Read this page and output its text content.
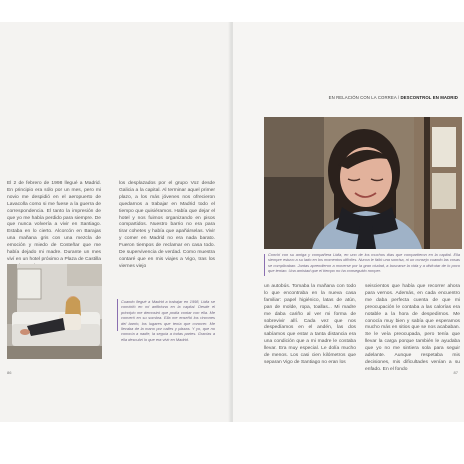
El 2 de febrero de 1998 llegué a Madrid. En principio era sólo por un mes, pero mi novio me despidió en el aeropuerto de Lavacolla como si me fuese a la guerra de correspondencia. El tanto la impresión de que yo me había perdido para siempre. De que nunca volvería a vivir en Santiago. Estaba en lo cierto. Alcorcón en Barajas una mañana gris con una mezcla de emoción y miedo de Costeñar que me había dejado mi madre. Durante un mes viví en un hotel próximo a Plaza de Castilla

los desplazados por el grupo Voz desde Galicia a la capital. Al terminar aquel primer plazo, a los más jóvenes nos ofrecieron quedarnos a trabajar en Madrid todo el tiempo que quisiéramos. Había que dejar el hotel y nos fuimos organizando en pisos compartidos. Nuestro barrio no era para tirar cohetes y había que apañárselas. Vivir y comer en Madrid no era nada barato. Fueron tiempos de reclamar en casa todo. De supervivencia de verdad. Como muestra contaré que en mis viajes a Vigo, tras los viernes viejo

Cuando llegué a Madrid a trabajar en 1998, Lidia se convirtió en mi anfitriona en la capital. Desde el principio me demostró que podía contar con ella. Me convertí en su sombra. Ella me enseñó los rincones del barrio, los lugares que tenía que conocer. Me llevaba de la mano por calles y plazas. Y yo, que no conocía a nadie, la seguía a todas partes. Gracias a ella descubrí lo que era vivir en Madrid.

86
EN RELACIÓN CON LA CORREA / DESCONTROL EN MADRID

Conchi con su amiga y compañera Lidia, en uno de los muchos días que compartieron en la capital. Ella siempre estuvo a su lado en los momentos difíciles. Nunca le faltó una sonrisa, ni un consejo cuando las cosas se complicaban. Juntas aprendieron a moverse por la gran ciudad, a buscarse la vida y a disfrutar de lo poco que tenían. Una amistad que el tiempo no ha conseguido romper.

un autobús. Tomaba la mañana con todo lo que encontraba en la nueva casa familiar: papel higiénico, latas de atún, pan de molde, ropa, toallas... Mi madre me daba cariño al ver mi forma de sobrevivir allí. Cada vez que nos despedíamos en el andén, las dos sabíamos que estar a tanta distancia era una condición que a mi madre le costaba llevar. Era muy especial. Le dolía mucho de menos. Los casi cien kilómetros que separan Vigo de Santiago no eran los

seiscientos que había que recorrer ahora para vernos. Además, en cada encuentro me daba perfecta cuenta de que mi preocupación le contaba a las calorías era notable a la hora de despedirnos. Me conocía muy bien y sabía que esperamos mucho más en sitios que se nos acababan. Se le veía preocupada, pero tenía que llevar la carga porque también le ayudaba que yo no me sintiera sola para seguir adelante. Aunque respetaba mis decisiones, mis dificultades venían a su enfado. En el fondo

87
